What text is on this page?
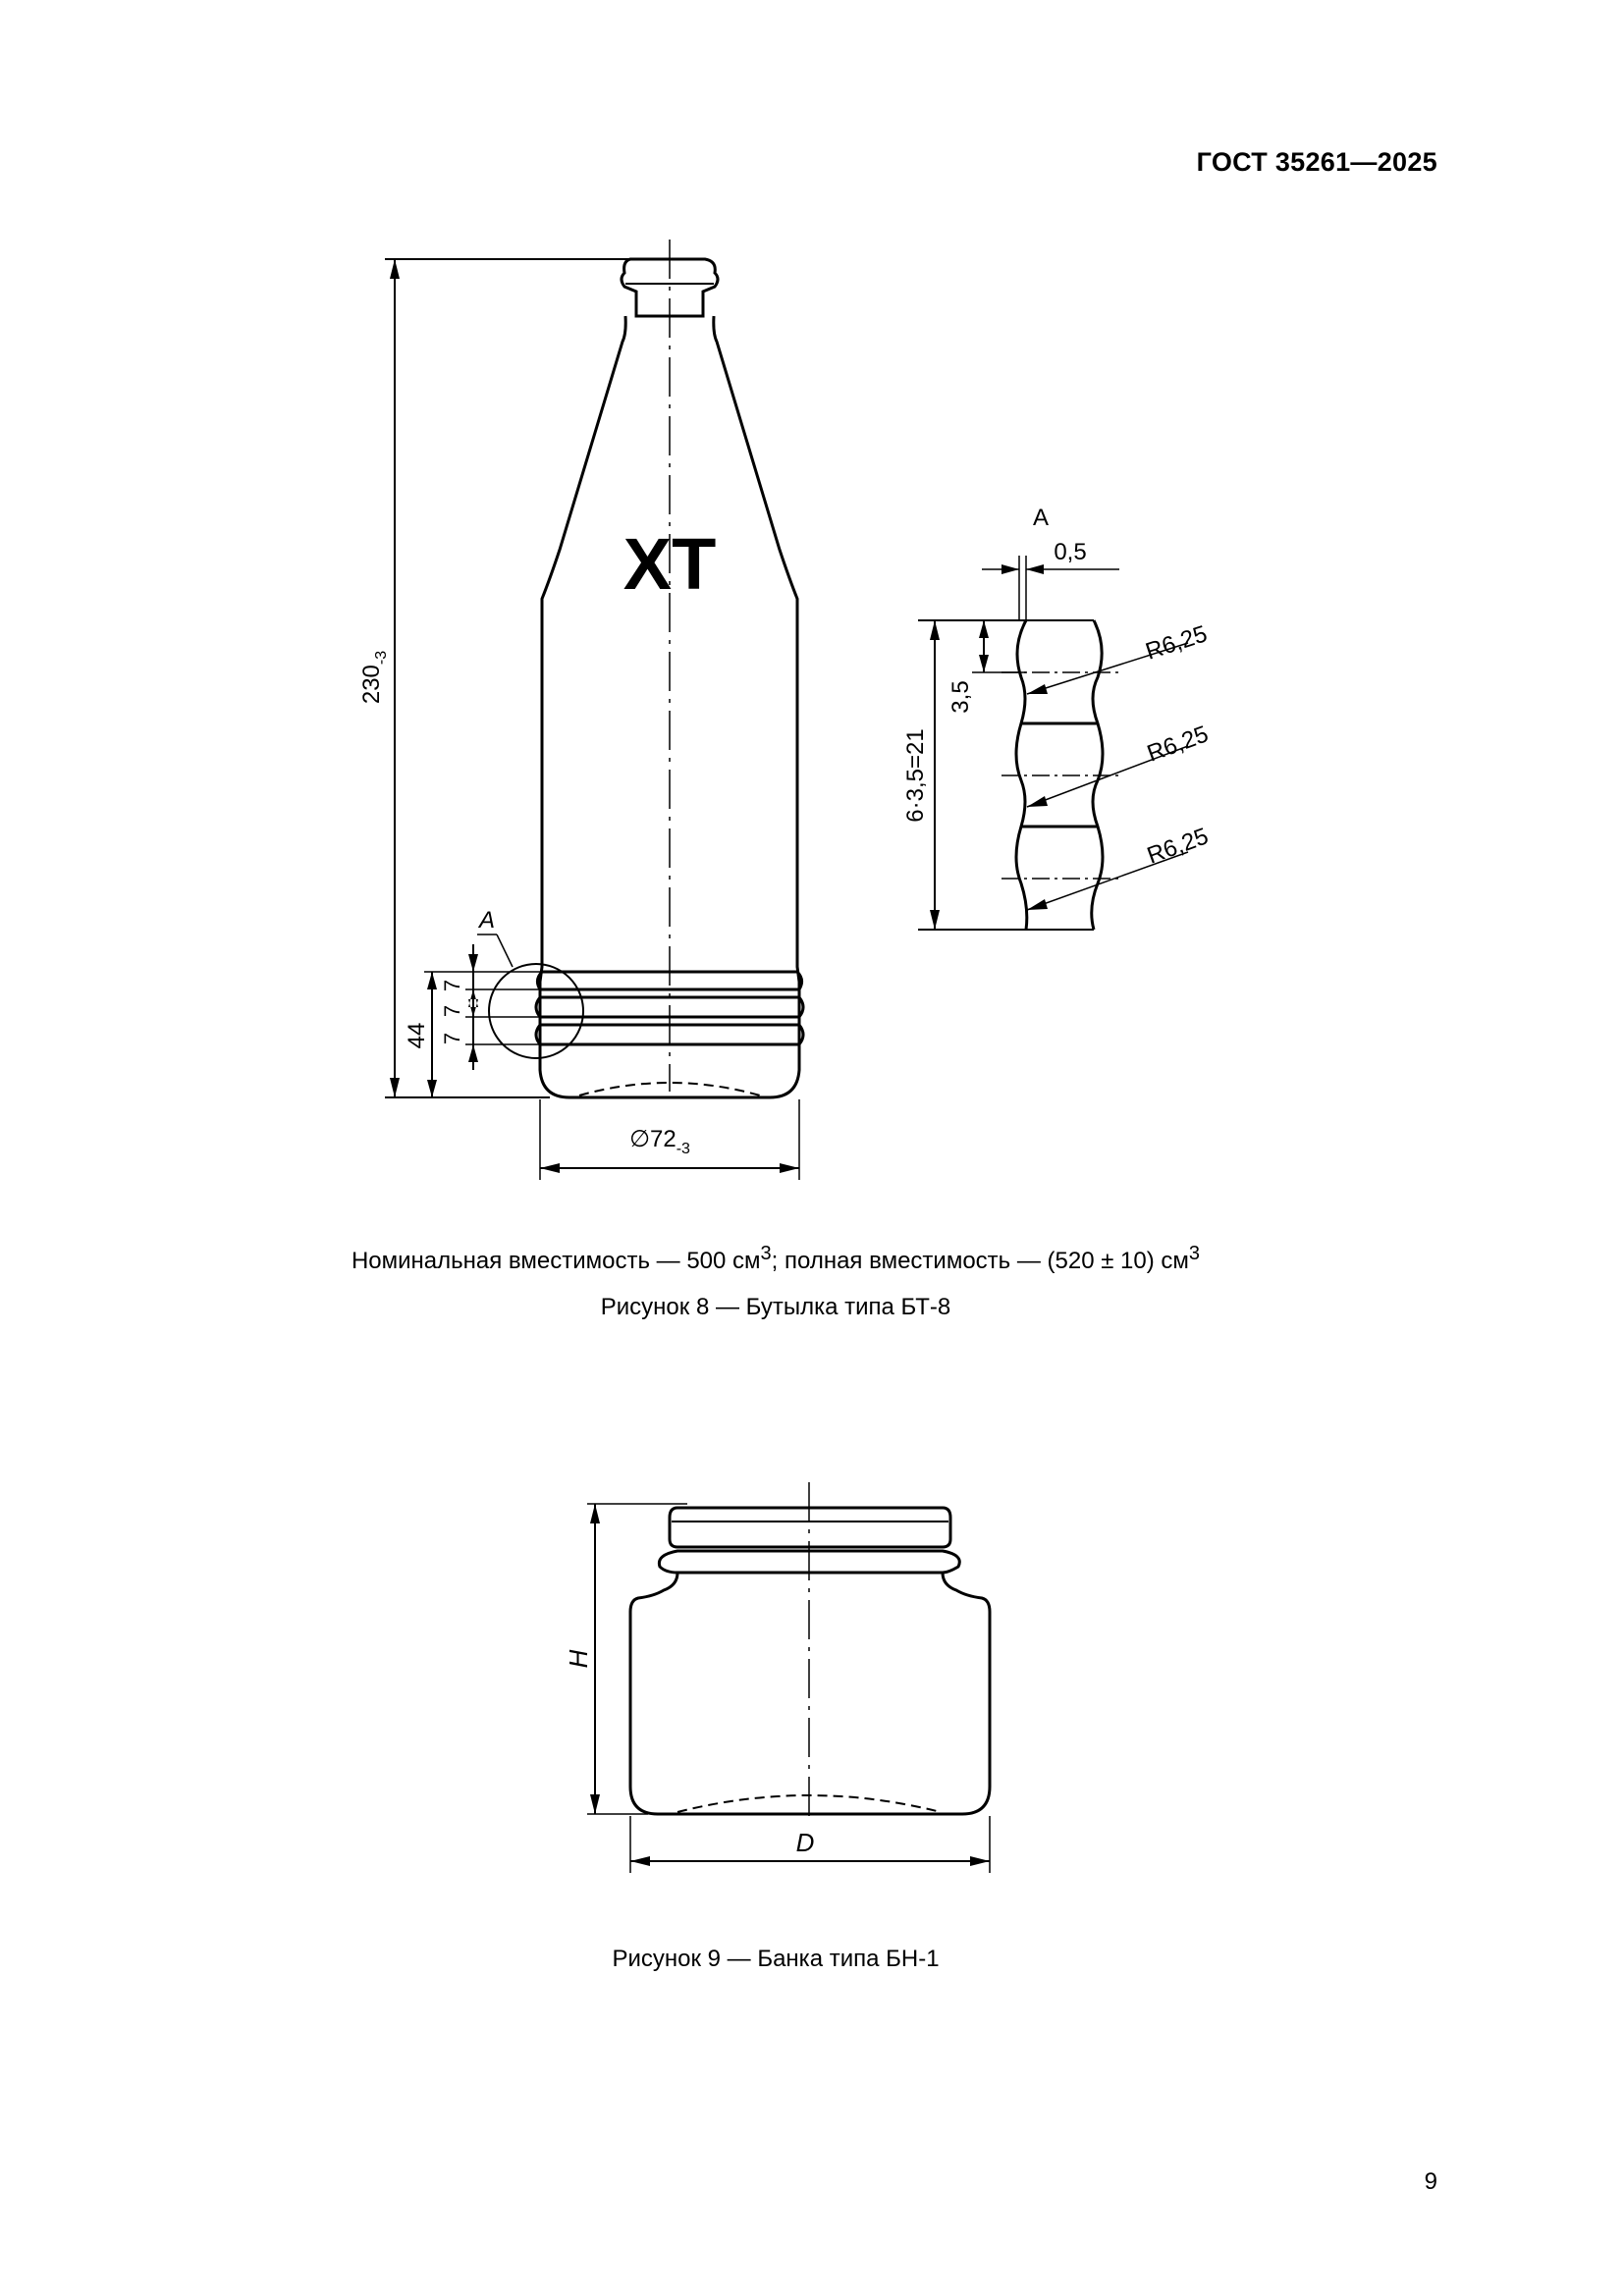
ГОСТ 35261—2025
ХТ
$230_{-3}$
44
7
7
7
А
$\emptyset 72_{-3}$
А
0,5
6·3,5=21
3,5
R6,25
R6,25
R6,25
H
D
Номинальная вместимость — 500 $см^3$; полная вместимость — (520 ± 10) $см^3$
Рисунок 8 — Бутылка типа БТ-8
Рисунок 9 — Банка типа БН-1
9
